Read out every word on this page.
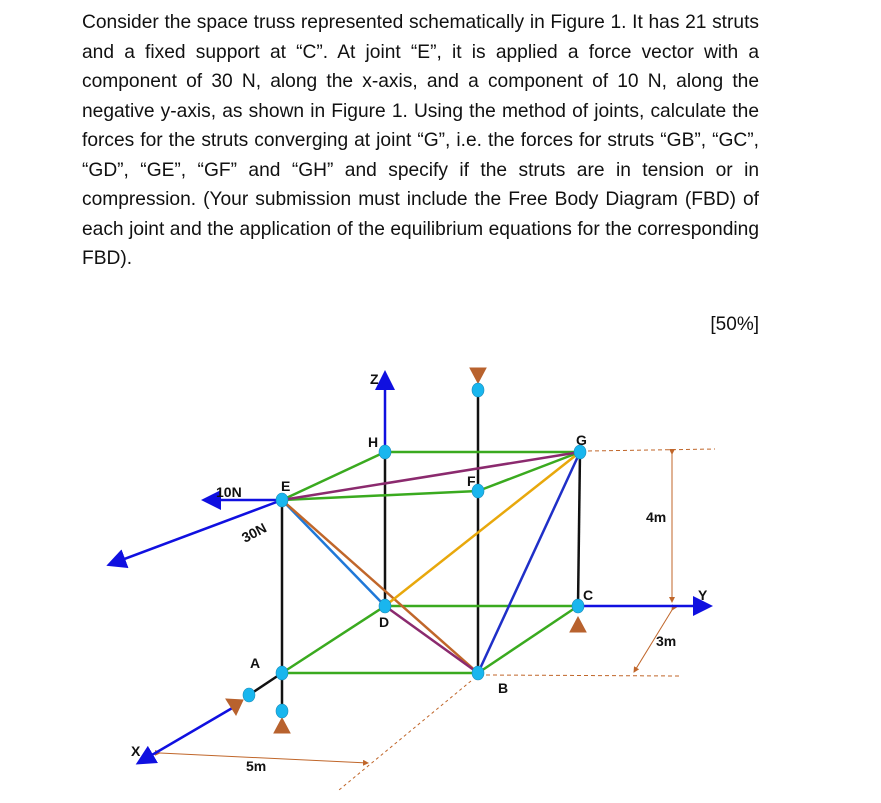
Consider the space truss represented schematically in Figure 1. It has 21 struts and a fixed support at “C”. At joint “E”, it is applied a force vector with a component of 30 N, along the x-axis, and a component of 10 N, along the negative y-axis, as shown in Figure 1. Using the method of joints, calculate the forces for the struts converging at joint “G”, i.e. the forces for struts “GB”, “GC”, “GD”, “GE”, “GF” and “GH” and specify if the struts are in tension or in compression. (Your submission must include the Free Body Diagram (FBD) of each joint and the application of the equilibrium equations for the corresponding FBD).

[50%]
H	G
E	F
D
C
A
B
Z
Y
X
10N
30N
4m
3m
5m
